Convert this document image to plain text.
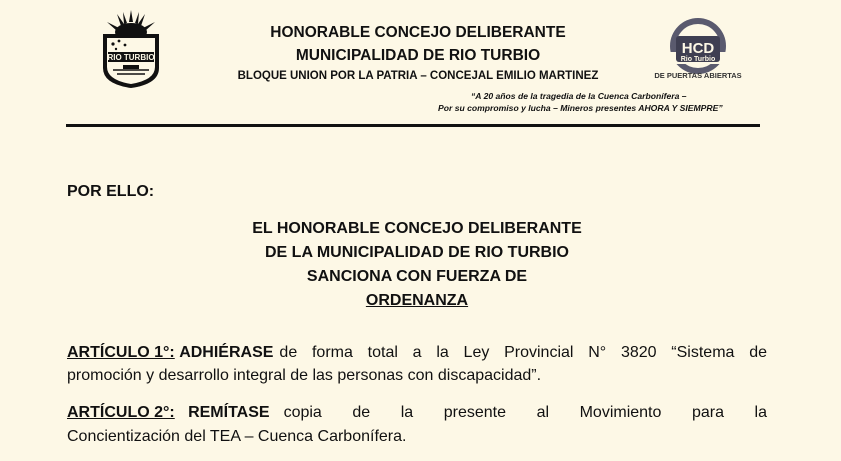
RIO TURBIO
HONORABLE CONCEJO DELIBERANTE
MUNICIPALIDAD DE RIO TURBIO
BLOQUE UNION POR LA PATRIA – CONCEJAL EMILIO MARTINEZ
HCD
Rio Turbio
DE PUERTAS ABIERTAS
“A 20 años de la tragedia de la Cuenca Carbonífera –
Por su compromiso y lucha – Mineros presentes AHORA Y SIEMPRE”
POR ELLO:
EL HONORABLE CONCEJO DELIBERANTE
DE LA MUNICIPALIDAD DE RIO TURBIO
SANCIONA CON FUERZA DE
ORDENANZA
ARTÍCULO 1°: ADHIÉRASE de forma total a la Ley Provincial N° 3820 “Sistema de
promoción y desarrollo integral de las personas con discapacidad”.
ARTÍCULO 2°: REMÍTASE copia de la presente al Movimiento para la
Concientización del TEA – Cuenca Carbonífera.
